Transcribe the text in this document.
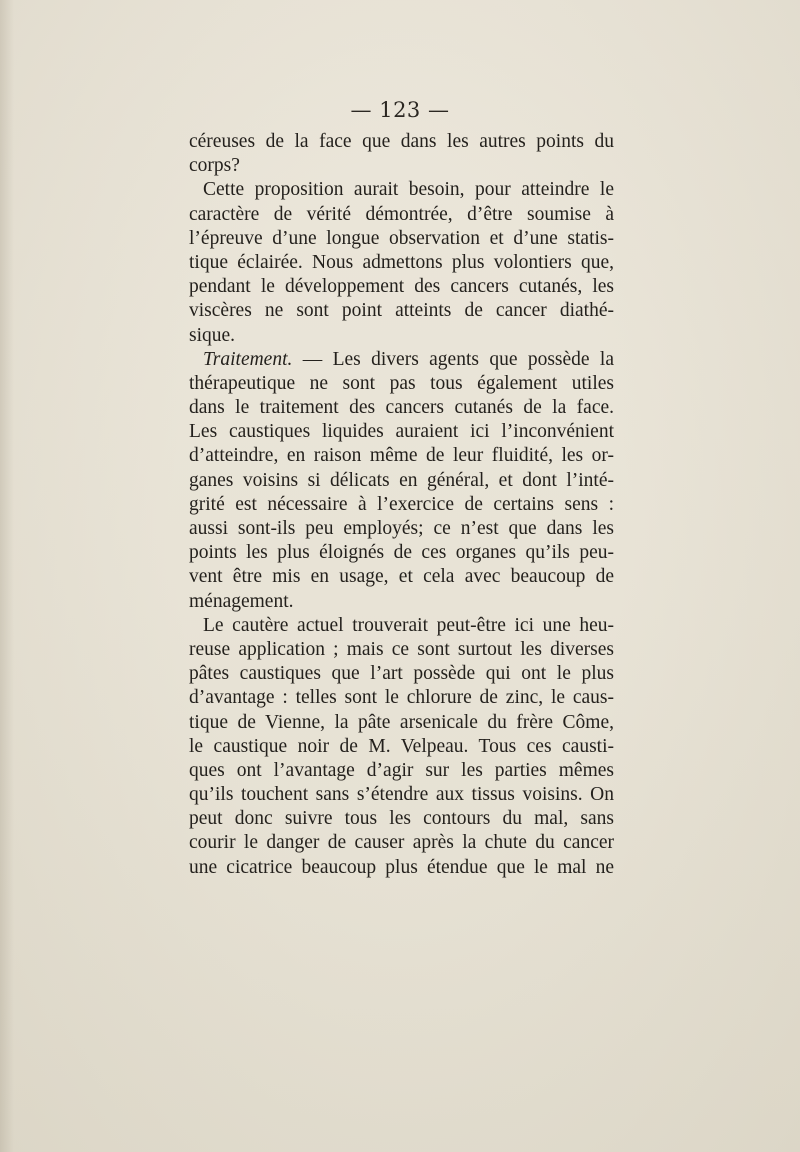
— 123 —
céreuses de la face que dans les autres points du
corps?
Cette proposition aurait besoin, pour atteindre le
caractère de vérité démontrée, d’être soumise à
l’épreuve d’une longue observation et d’une statis-
tique éclairée. Nous admettons plus volontiers que,
pendant le développement des cancers cutanés, les
viscères ne sont point atteints de cancer diathé-
sique.
Traitement. — Les divers agents que possède la
thérapeutique ne sont pas tous également utiles
dans le traitement des cancers cutanés de la face.
Les caustiques liquides auraient ici l’inconvénient
d’atteindre, en raison même de leur fluidité, les or-
ganes voisins si délicats en général, et dont l’inté-
grité est nécessaire à l’exercice de certains sens :
aussi sont-ils peu employés; ce n’est que dans les
points les plus éloignés de ces organes qu’ils peu-
vent être mis en usage, et cela avec beaucoup de
ménagement.
Le cautère actuel trouverait peut-être ici une heu-
reuse application ; mais ce sont surtout les diverses
pâtes caustiques que l’art possède qui ont le plus
d’avantage : telles sont le chlorure de zinc, le caus-
tique de Vienne, la pâte arsenicale du frère Côme,
le caustique noir de M. Velpeau. Tous ces causti-
ques ont l’avantage d’agir sur les parties mêmes
qu’ils touchent sans s’étendre aux tissus voisins. On
peut donc suivre tous les contours du mal, sans
courir le danger de causer après la chute du cancer
une cicatrice beaucoup plus étendue que le mal ne
